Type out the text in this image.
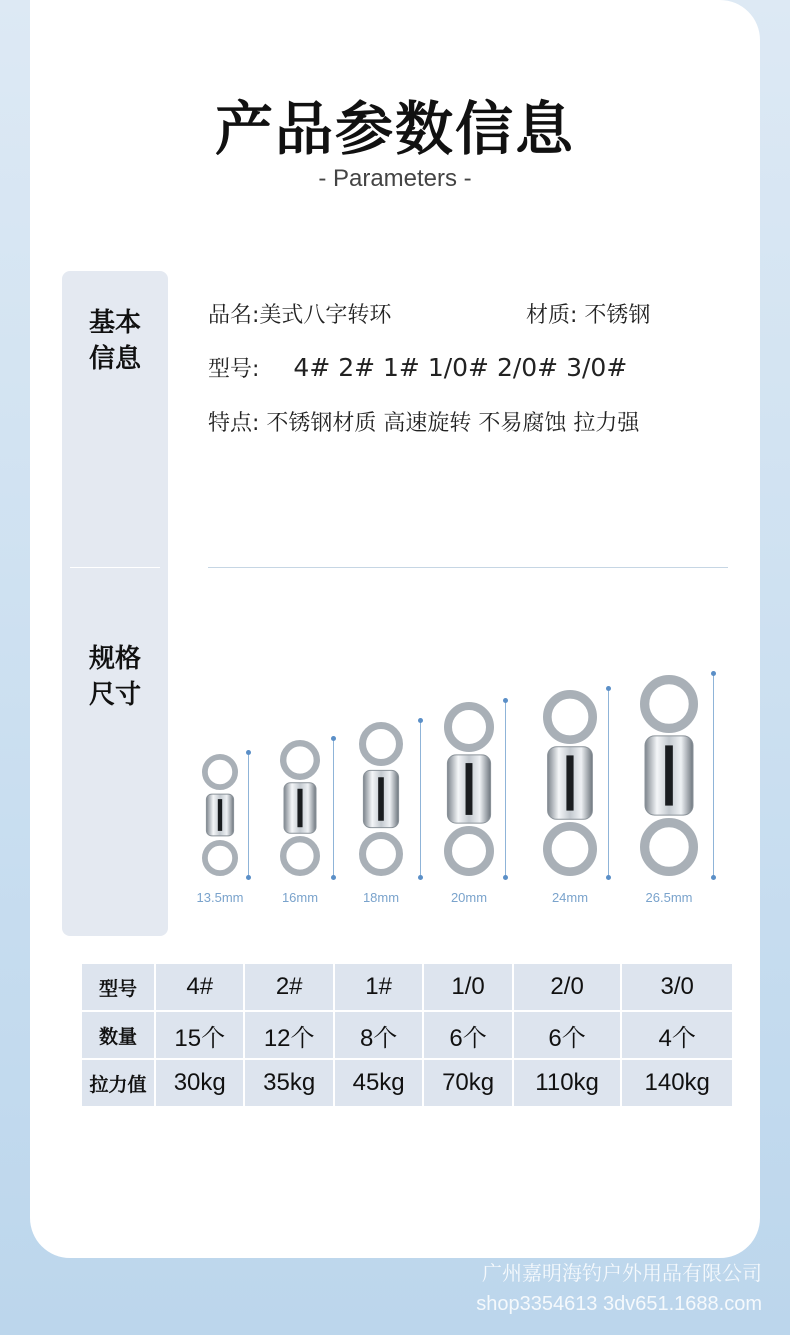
产品参数信息
- Parameters -
基本
信息
规格
尺寸
品名:美式八字转环	材质: 不锈钢
型号: 4# 2# 1# 1/0# 2/0# 3/0#
特点: 不锈钢材质 高速旋转 不易腐蚀 拉力强
13.5mm	16mm	18mm	20mm	24mm	26.5mm
型号	4#	2#	1#	1/0	2/0	3/0
数量	15个	12个	8个	6个	6个	4个
拉力值	30kg	35kg	45kg	70kg	110kg	140kg
广州嘉明海钓户外用品有限公司
shop3354613 3dv651.1688.com
